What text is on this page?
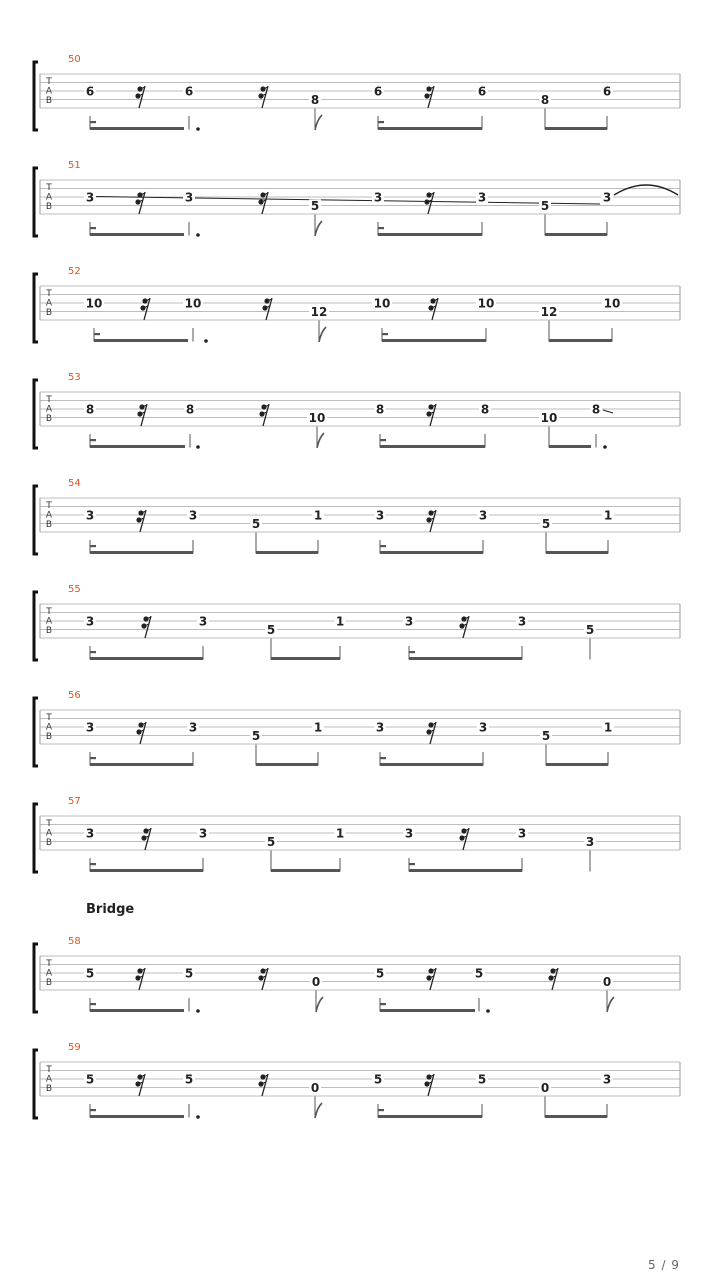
T
A
B
50
6	6
8
6	6
8
6
T
A
B
51
3	3
5
3	3
5
3
T
A
B
52
10	10
12
10	10
12
10
T
A
B
53
8	8
10
8	8
10
8
T
A
B
54
3	3
5
1	3	3
5
1
T
A
B
55
3	3
5
1	3	3
5
T
A
B
56
3	3
5
1	3	3
5
1
T
A
B
57
3	3
5
1	3	3
3
T
A
B
58
5	5
0
5	5
0
T
A
B
59
5	5
0
5	5
0
3
Bridge
5 / 9
